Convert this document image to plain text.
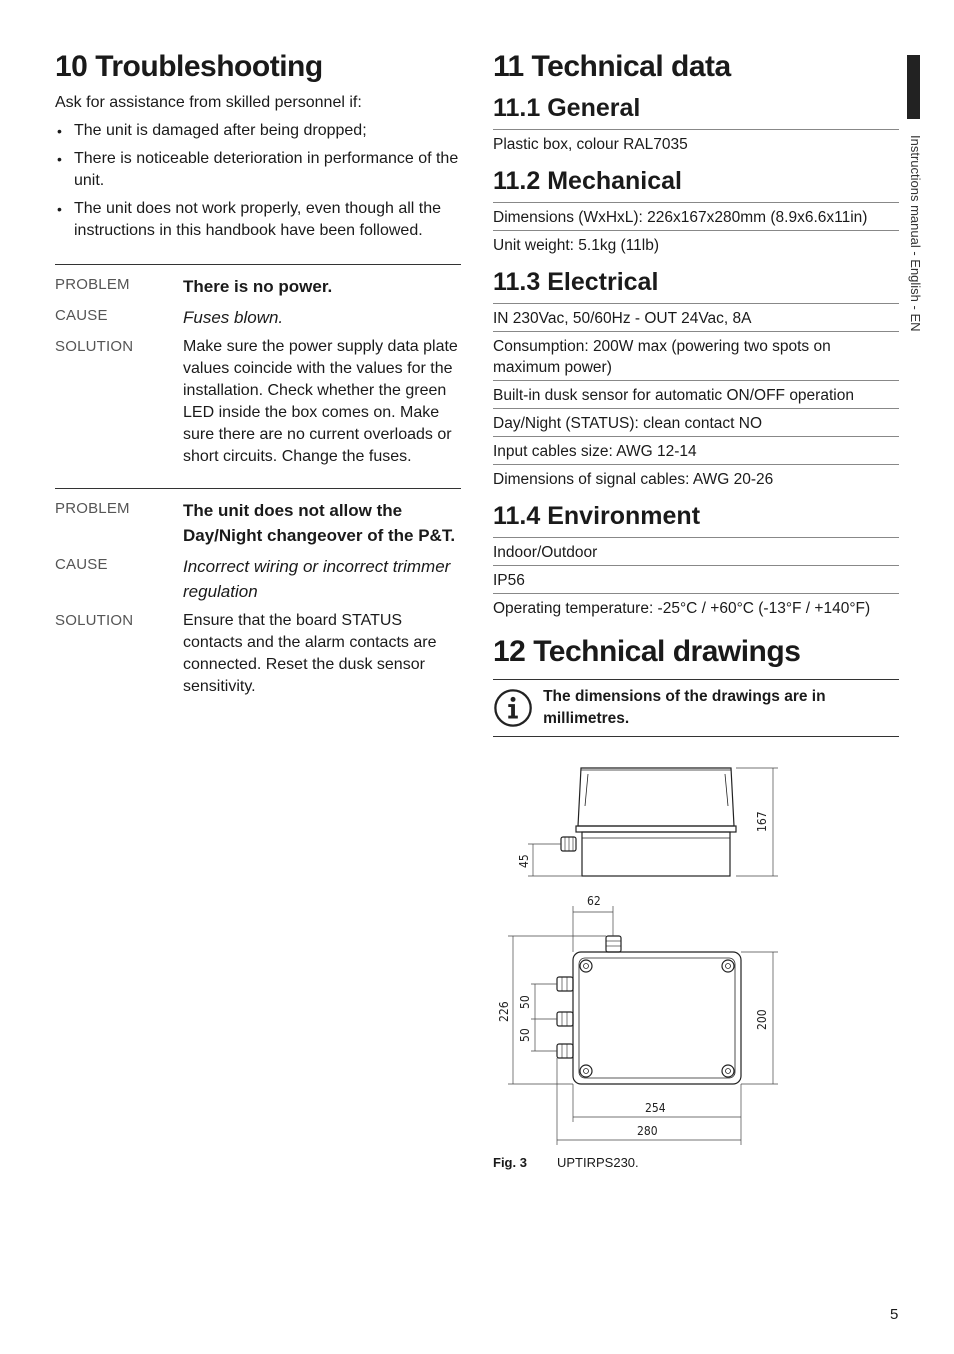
10 Troubleshooting

Ask for assistance from skilled personnel if:

• The unit is damaged after being dropped;
• There is noticeable deterioration in performance of the unit.
• The unit does not work properly, even though all the instructions in this handbook have been followed.
PROBLEM	There is no power.
CAUSE	Fuses blown.
SOLUTION	Make sure the power supply data plate values coincide with the values for the installation. Check whether the green LED inside the box comes on. Make sure there are no current overloads or short circuits. Change the fuses.
PROBLEM	The unit does not allow the Day/Night changeover of the P&T.
CAUSE	Incorrect wiring or incorrect trimmer regulation
SOLUTION	Ensure that the board STATUS contacts and the alarm contacts are connected. Reset the dusk sensor sensitivity.
11 Technical data
11.1 General
Plastic box, colour RAL7035
11.2 Mechanical
Dimensions (WxHxL): 226x167x280mm (8.9x6.6x11in)
Unit weight: 5.1kg (11lb)
11.3 Electrical
IN 230Vac, 50/60Hz - OUT 24Vac, 8A
Consumption: 200W max (powering two spots on maximum power)
Built-in dusk sensor for automatic ON/OFF operation
Day/Night (STATUS): clean contact NO
Input cables size: AWG 12-14
Dimensions of signal cables: AWG 20-26
11.4 Environment
Indoor/Outdoor
IP56
Operating temperature: -25°C / +60°C (-13°F / +140°F)
12 Technical drawings
The dimensions of the drawings are in millimetres.
167
45
62
226 50
50
200
254
280
Fig. 3 UPTIRPS230.
Instructions manual - English - EN
5
